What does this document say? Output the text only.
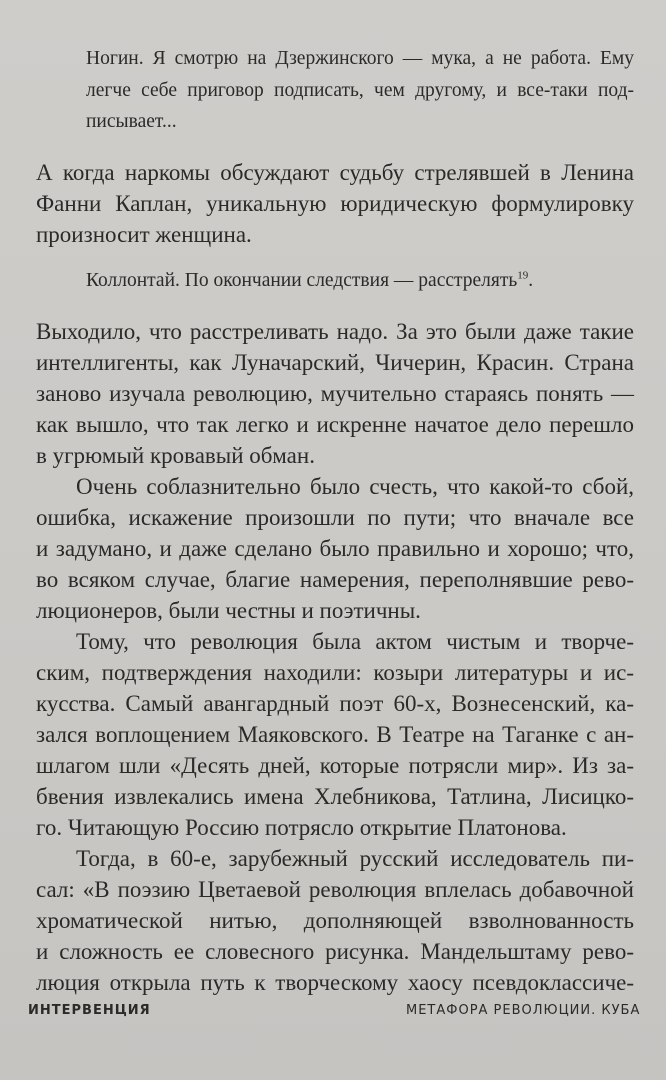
Ногин. Я смотрю на Дзержинского — мука, а не работа. Ему

легче себе приговор подписать, чем другому, и все-таки под-

писывает...

А когда наркомы обсуждают судьбу стрелявшей в Ленина

Фанни Каплан, уникальную юридическую формулировку

произносит женщина.

Коллонтай. По окончании следствия — расстрелять$^{19}$.

Выходило, что расстреливать надо. За это были даже такие

интеллигенты, как Луначарский, Чичерин, Красин. Страна

заново изучала революцию, мучительно стараясь понять —

как вышло, что так легко и искренне начатое дело перешло

в угрюмый кровавый обман.

Очень соблазнительно было счесть, что какой-то сбой,

ошибка, искажение произошли по пути; что вначале все

и задумано, и даже сделано было правильно и хорошо; что,

во всяком случае, благие намерения, переполнявшие рево-

люционеров, были честны и поэтичны.

Тому, что революция была актом чистым и творче-

ским, подтверждения находили: козыри литературы и ис-

кусства. Самый авангардный поэт 60-х, Вознесенский, ка-

зался воплощением Маяковского. В Театре на Таганке с ан-

шлагом шли «Десять дней, которые потрясли мир». Из за-

бвения извлекались имена Хлебникова, Татлина, Лисицко-

го. Читающую Россию потрясло открытие Платонова.

Тогда, в 60-е, зарубежный русский исследователь пи-

сал: «В поэзию Цветаевой революция вплелась добавочной

хроматической нитью, дополняющей взволнованность

и сложность ее словесного рисунка. Мандельштаму рево-

люция открыла путь к творческому хаосу псевдоклассиче-

ИНТЕРВЕНЦИЯ	МЕТАФОРА РЕВОЛЮЦИИ. КУБА
